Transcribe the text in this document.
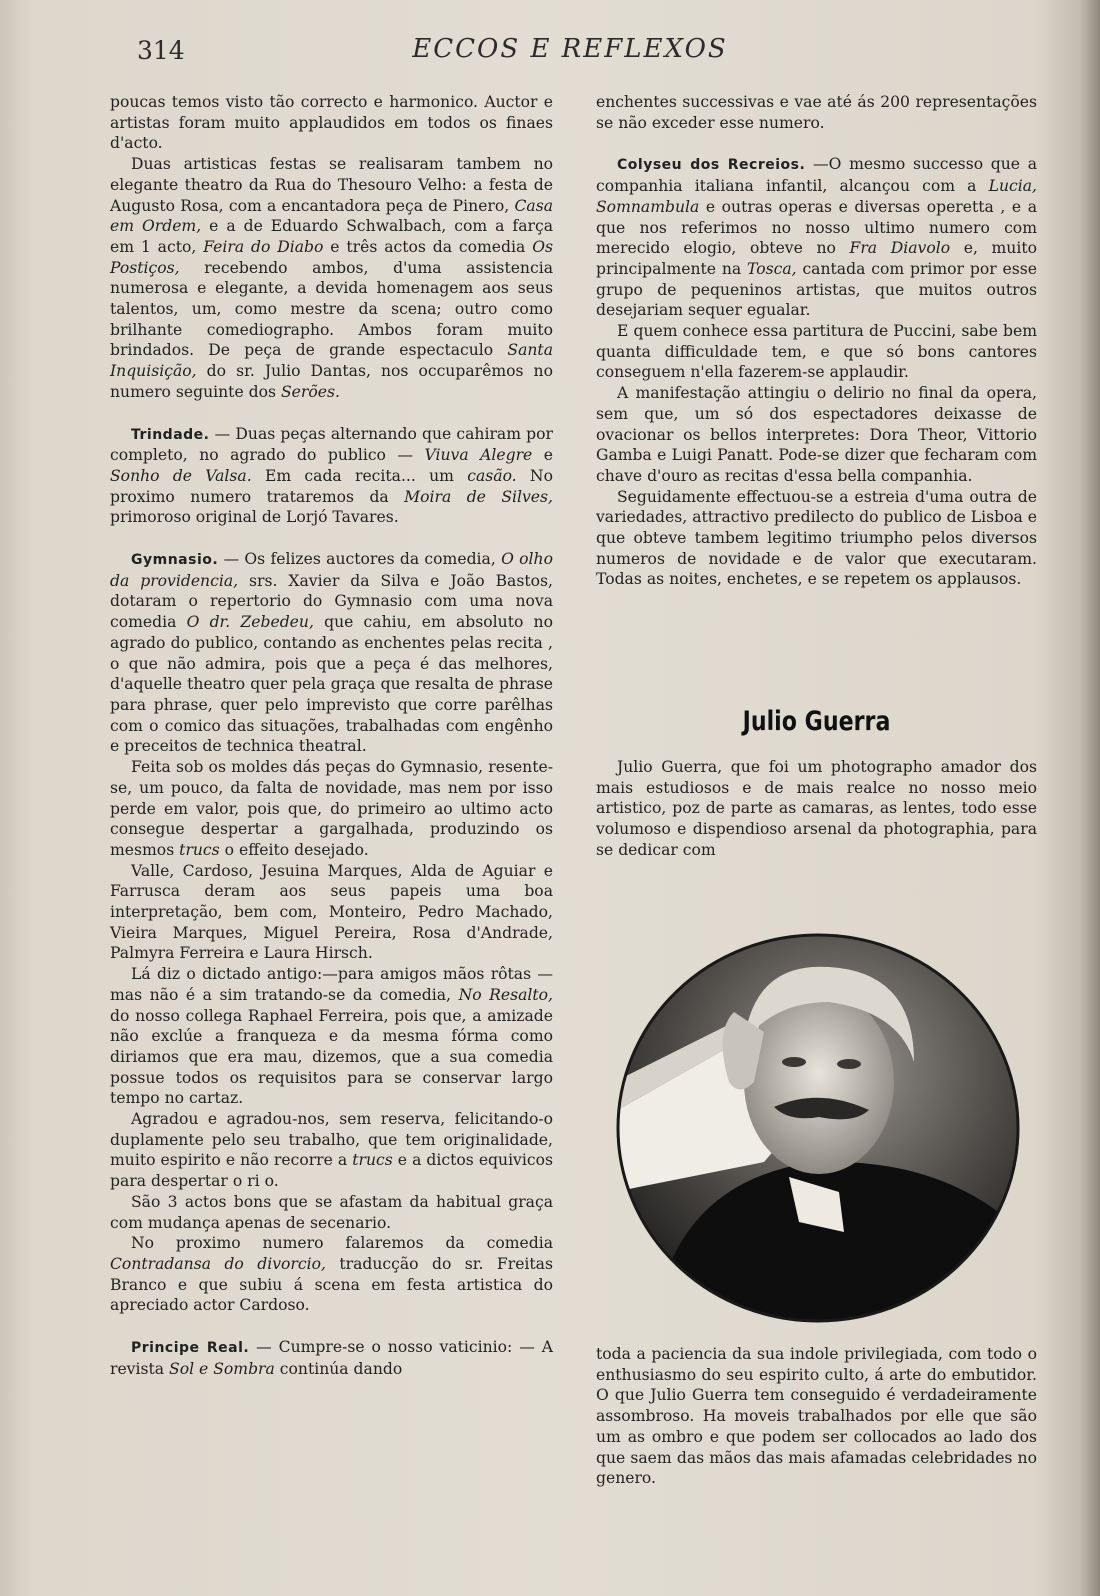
314	ECCOS E REFLEXOS

poucas temos visto tão correcto e harmonico. Auctor e artistas foram muito applaudidos em todos os finaes d'acto.

Duas artisticas festas se realisaram tambem no elegante theatro da Rua do Thesouro Velho: a festa de Augusto Rosa, com a encantadora peça de Pinero, Casa em Ordem, e a de Eduardo Schwalbach, com a farça em 1 acto, Feira do Diabo e três actos da comedia Os Postiços, recebendo ambos, d'uma assistencia numerosa e elegante, a devida homenagem aos seus talentos, um, como mestre da scena; outro como brilhante comediographo. Ambos foram muito brindados. De peça de grande espectaculo Santa Inquisição, do sr. Julio Dantas, nos occuparêmos no numero seguinte dos Serões.

Trindade. — Duas peças alternando que cahiram por completo, no agrado do publico — Viuva Alegre e Sonho de Valsa. Em cada recita... um casão. No proximo numero trataremos da Moira de Silves, primoroso original de Lorjó Tavares.

Gymnasio. — Os felizes auctores da comedia, O olho da providencia, srs. Xavier da Silva e João Bastos, dotaram o repertorio do Gymnasio com uma nova comedia O dr. Zebedeu, que cahiu, em absoluto no agrado do publico, contando as enchentes pelas recita , o que não admira, pois que a peça é das melhores, d'aquelle theatro quer pela graça que resalta de phrase para phrase, quer pelo imprevisto que corre parêlhas com o comico das situações, trabalhadas com engênho e preceitos de technica theatral.

Feita sob os moldes dás peças do Gymnasio, resente-se, um pouco, da falta de novidade, mas nem por isso perde em valor, pois que, do primeiro ao ultimo acto consegue despertar a gargalhada, produzindo os mesmos trucs o effeito desejado.

Valle, Cardoso, Jesuina Marques, Alda de Aguiar e Farrusca deram aos seus papeis uma boa interpretação, bem com, Monteiro, Pedro Machado, Vieira Marques, Miguel Pereira, Rosa d'Andrade, Palmyra Ferreira e Laura Hirsch.

Lá diz o dictado antigo:—para amigos mãos rôtas — mas não é a sim tratando-se da comedia, No Resalto, do nosso collega Raphael Ferreira, pois que, a amizade não exclúe a franqueza e da mesma fórma como diriamos que era mau, dizemos, que a sua comedia possue todos os requisitos para se conservar largo tempo no cartaz.

Agradou e agradou-nos, sem reserva, felicitando-o duplamente pelo seu trabalho, que tem originalidade, muito espirito e não recorre a trucs e a dictos equivicos para despertar o ri o.

São 3 actos bons que se afastam da habitual graça com mudança apenas de secenario.

No proximo numero falaremos da comedia Contradansa do divorcio, traducção do sr. Freitas Branco e que subiu á scena em festa artistica do apreciado actor Cardoso.

Principe Real. — Cumpre-se o nosso vaticinio: — A revista Sol e Sombra continúa dando

enchentes successivas e vae até ás 200 representações se não exceder esse numero.

Colyseu dos Recreios. —O mesmo successo que a companhia italiana infantil, alcançou com a Lucia, Somnambula e outras operas e diversas operetta , e a que nos referimos no nosso ultimo numero com merecido elogio, obteve no Fra Diavolo e, muito principalmente na Tosca, cantada com primor por esse grupo de pequeninos artistas, que muitos outros desejariam sequer egualar.

E quem conhece essa partitura de Puccini, sabe bem quanta difficuldade tem, e que só bons cantores conseguem n'ella fazerem-se applaudir.

A manifestação attingiu o delirio no final da opera, sem que, um só dos espectadores deixasse de ovacionar os bellos interpretes: Dora Theor, Vittorio Gamba e Luigi Panatt. Pode-se dizer que fecharam com chave d'ouro as recitas d'essa bella companhia.

Seguidamente effectuou-se a estreia d'uma outra de variedades, attractivo predilecto do publico de Lisboa e que obteve tambem legitimo triumpho pelos diversos numeros de novidade e de valor que executaram. Todas as noites, enchetes, e se repetem os applausos.

Julio Guerra

Julio Guerra, que foi um photographo amador dos mais estudiosos e de mais realce no nosso meio artistico, poz de parte as camaras, as lentes, todo esse volumoso e dispendioso arsenal da photographia, para se dedicar com

toda a paciencia da sua indole privilegiada, com todo o enthusiasmo do seu espirito culto, á arte do embutidor. O que Julio Guerra tem conseguido é verdadeiramente assombroso. Ha moveis trabalhados por elle que são um as ombro e que podem ser collocados ao lado dos que saem das mãos das mais afamadas celebridades no genero.
